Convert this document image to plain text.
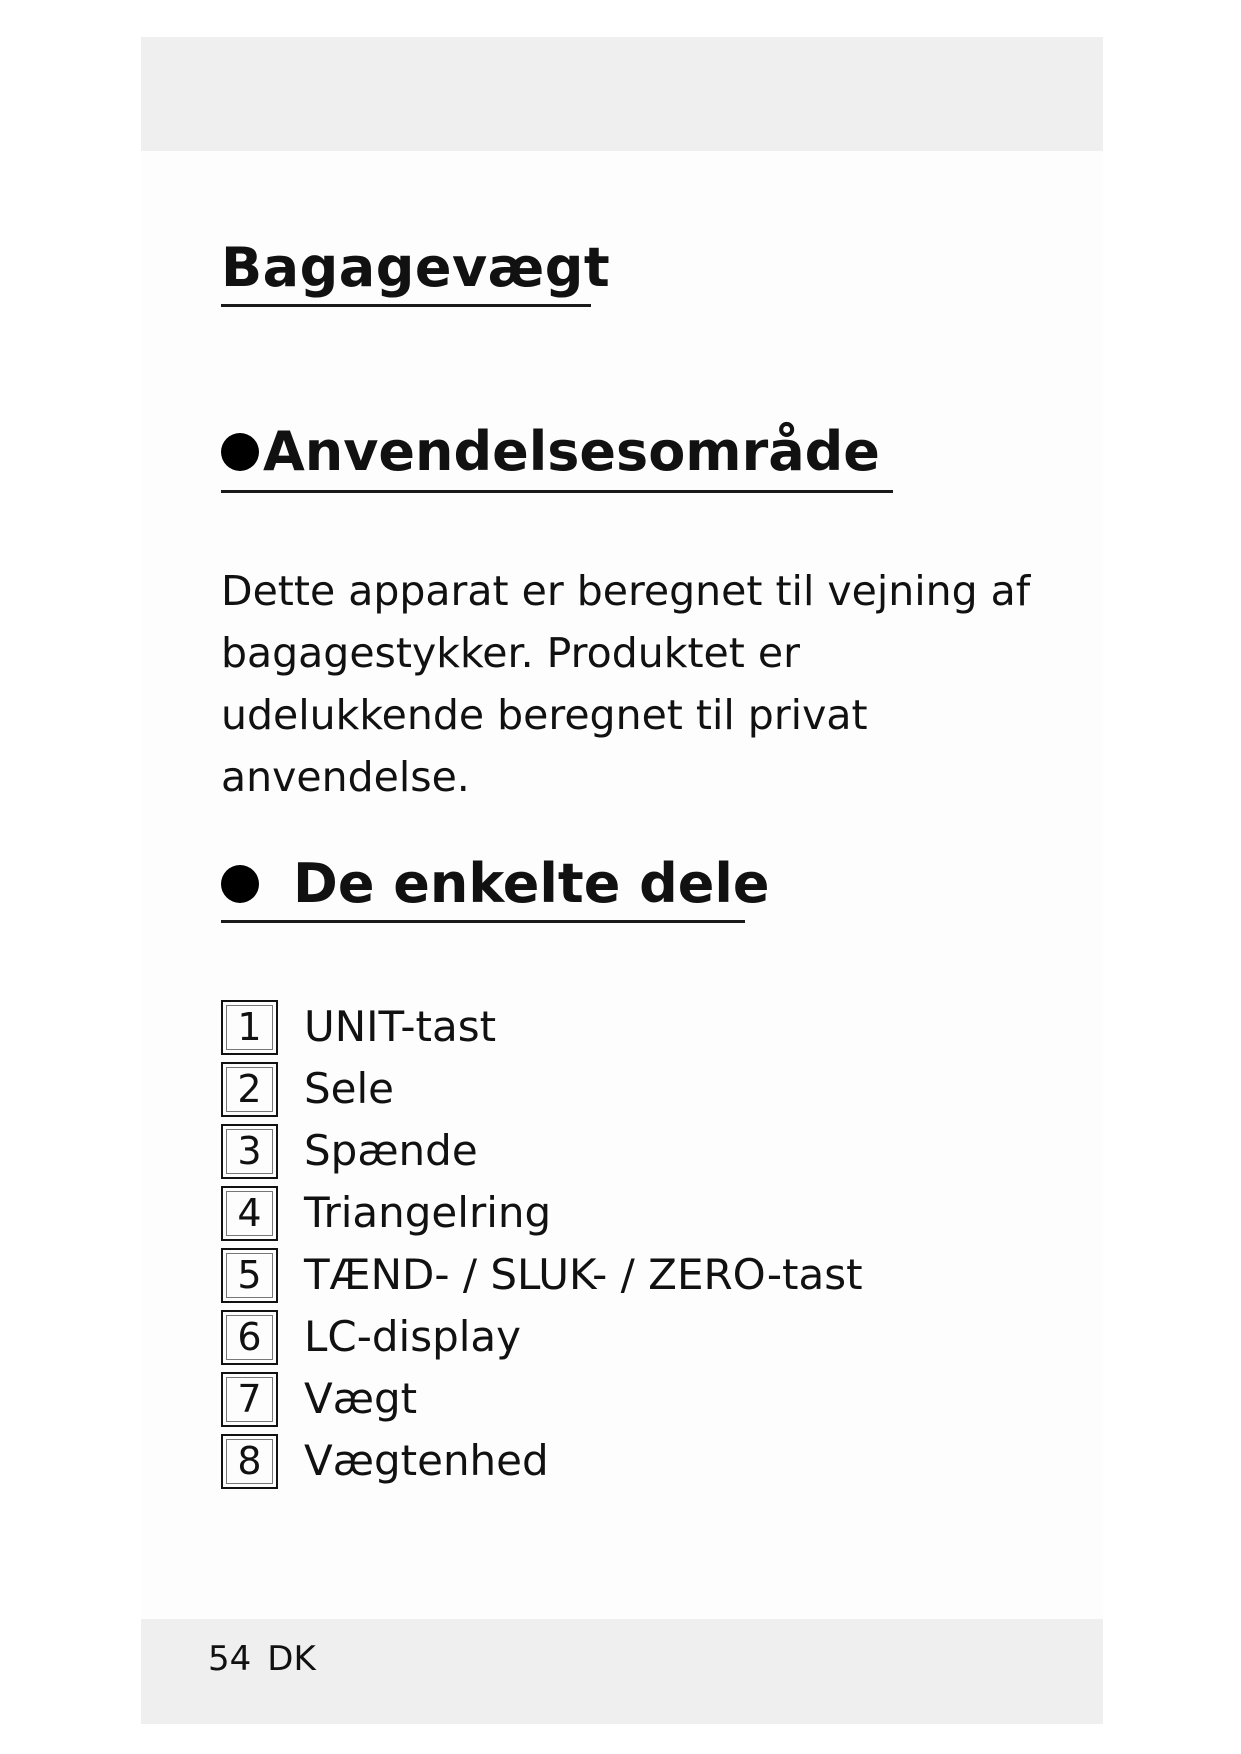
Bagagevægt
Anvendelsesområde

Dette apparat er beregnet til vejning af bagagestykker. Produktet er udelukkende beregnet til privat anvendelse.

De enkelte dele
1	UNIT-tast
2	Sele
3	Spænde
4	Triangelring
5	TÆND- / SLUK- / ZERO-tast
6	LC-display
7	Vægt
8	Vægtenhed
54 DK
